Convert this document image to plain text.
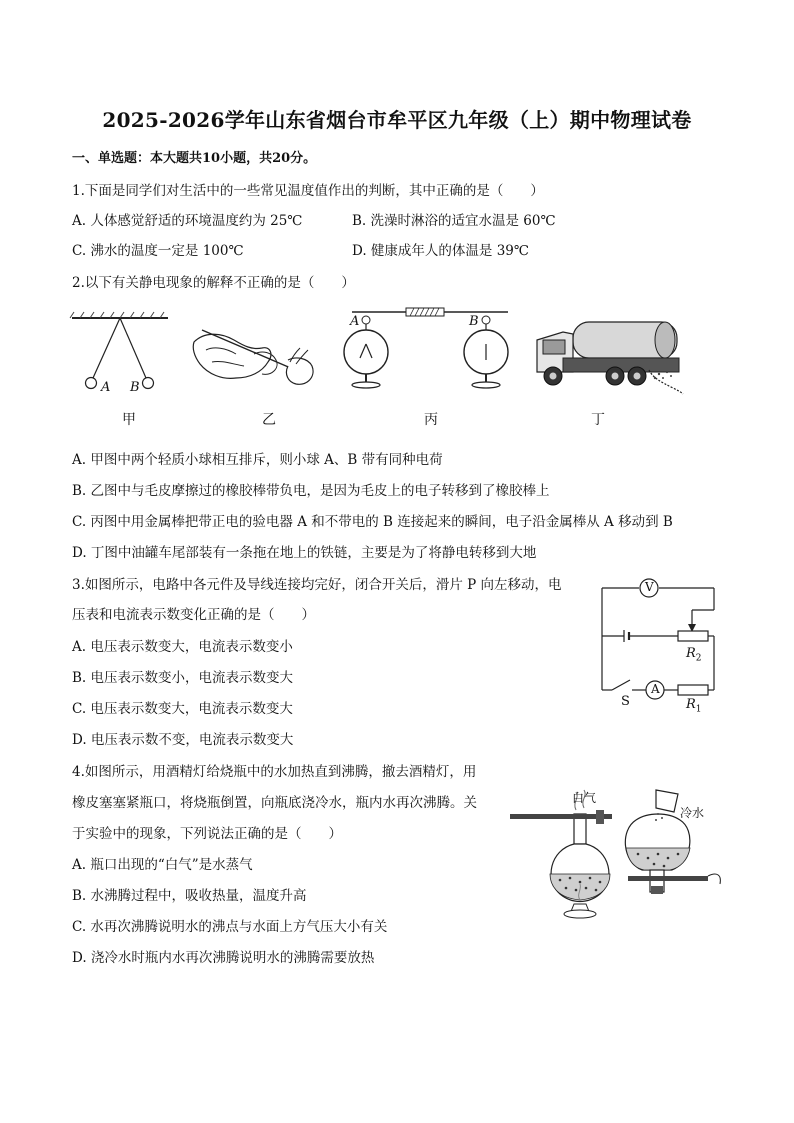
2025-2026学年山东省烟台市牟平区九年级（上）期中物理试卷
一、单选题：本大题共10小题，共20分。
1.下面是同学们对生活中的一些常见温度值作出的判断，其中正确的是（　　）
A. 人体感觉舒适的环境温度约为 25℃	B. 洗澡时淋浴的适宜水温是 60℃
C. 沸水的温度一定是 100℃	D. 健康成年人的体温是 39℃
2.以下有关静电现象的解释不正确的是（　　）
A B
A	B
甲	乙	丙	丁
A. 甲图中两个轻质小球相互排斥，则小球 A、B 带有同种电荷
B. 乙图中与毛皮摩擦过的橡胶棒带负电，是因为毛皮上的电子转移到了橡胶棒上
C. 丙图中用金属棒把带正电的验电器 A 和不带电的 B 连接起来的瞬间，电子沿金属棒从 A 移动到 B
D. 丁图中油罐车尾部装有一条拖在地上的铁链，主要是为了将静电转移到大地
3.如图所示，电路中各元件及导线连接均完好，闭合开关后，滑片 P 向左移动，电
压表和电流表示数变化正确的是（　　）
A. 电压表示数变大，电流表示数变小
B. 电压表示数变小，电流表示数变大
C. 电压表示数变大，电流表示数变大
D. 电压表示数不变，电流表示数变大
V
A
S
$R_2$
$R_1$
4.如图所示，用酒精灯给烧瓶中的水加热直到沸腾，撤去酒精灯，用
橡皮塞塞紧瓶口，将烧瓶倒置，向瓶底浇冷水，瓶内水再次沸腾。关
于实验中的现象，下列说法正确的是（　　）
A. 瓶口出现的“白气”是水蒸气
B. 水沸腾过程中，吸收热量，温度升高
C. 水再次沸腾说明水的沸点与水面上方气压大小有关
D. 浇冷水时瓶内水再次沸腾说明水的沸腾需要放热
白气
冷水
